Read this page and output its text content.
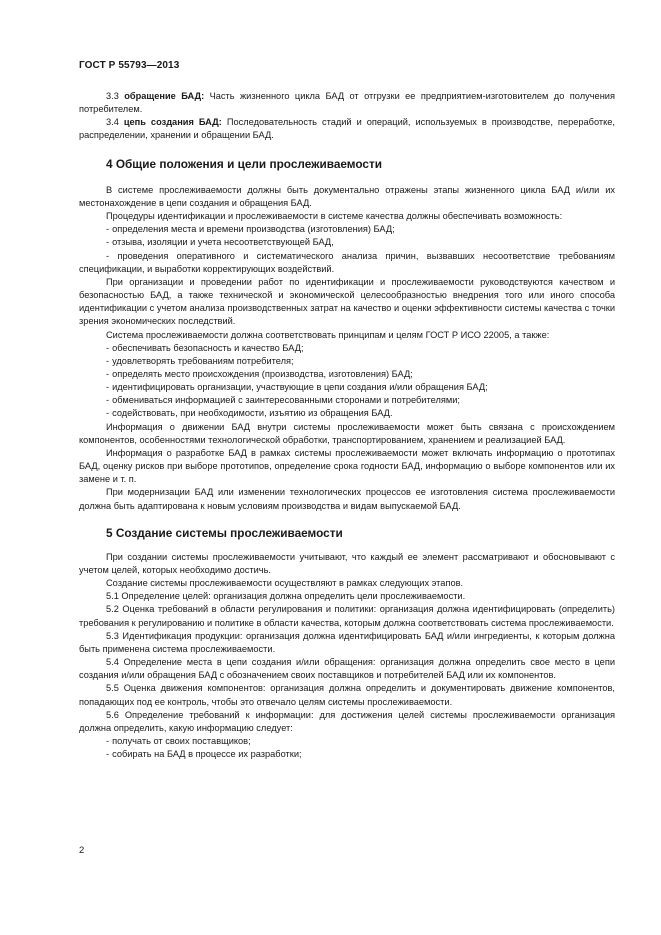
ГОСТ Р 55793—2013

3.3 обращение БАД: Часть жизненного цикла БАД от отгрузки ее предприятием-изготовителем до получения потребителем.

3.4 цепь создания БАД: Последовательность стадий и операций, используемых в производстве, переработке, распределении, хранении и обращении БАД.

4 Общие положения и цели прослеживаемости

В системе прослеживаемости должны быть документально отражены этапы жизненного цикла БАД и/или их местонахождение в цепи создания и обращения БАД.

Процедуры идентификации и прослеживаемости в системе качества должны обеспечивать возможность:

- определения места и времени производства (изготовления) БАД;

- отзыва, изоляции и учета несоответствующей БАД,

- проведения оперативного и систематического анализа причин, вызвавших несоответствие требованиям спецификации, и выработки корректирующих воздействий.

При организации и проведении работ по идентификации и прослеживаемости руководствуются качеством и безопасностью БАД, а также технической и экономической целесообразностью внедрения того или иного способа идентификации с учетом анализа производственных затрат на качество и оценки эффективности системы качества с точки зрения экономических последствий.

Система прослеживаемости должна соответствовать принципам и целям ГОСТ Р ИСО 22005, а также:

- обеспечивать безопасность и качество БАД;

- удовлетворять требованиям потребителя;

- определять место происхождения (производства, изготовления) БАД;

- идентифицировать организации, участвующие в цепи создания и/или обращения БАД;

- обмениваться информацией с заинтересованными сторонами и потребителями;

- содействовать, при необходимости, изъятию из обращения БАД.

Информация о движении БАД внутри системы прослеживаемости может быть связана с происхождением компонентов, особенностями технологической обработки, транспортированием, хранением и реализацией БАД.

Информация о разработке БАД в рамках системы прослеживаемости может включать информацию о прототипах БАД, оценку рисков при выборе прототипов, определение срока годности БАД, информацию о выборе компонентов или их замене и т. п.

При модернизации БАД или изменении технологических процессов ее изготовления система прослеживаемости должна быть адаптирована к новым условиям производства и видам выпускаемой БАД.

5 Создание системы прослеживаемости

При создании системы прослеживаемости учитывают, что каждый ее элемент рассматривают и обосновывают с учетом целей, которых необходимо достичь.

Создание системы прослеживаемости осуществляют в рамках следующих этапов.

5.1 Определение целей: организация должна определить цели прослеживаемости.

5.2 Оценка требований в области регулирования и политики: организация должна идентифицировать (определить) требования к регулированию и политике в области качества, которым должна соответствовать система прослеживаемости.

5.3 Идентификация продукции: организация должна идентифицировать БАД и/или ингредиенты, к которым должна быть применена система прослеживаемости.

5.4 Определение места в цепи создания и/или обращения: организация должна определить свое место в цепи создания и/или обращения БАД с обозначением своих поставщиков и потребителей БАД или их компонентов.

5.5 Оценка движения компонентов: организация должна определить и документировать движение компонентов, попадающих под ее контроль, чтобы это отвечало целям системы прослеживаемости.

5.6 Определение требований к информации: для достижения целей системы прослеживаемости организация должна определить, какую информацию следует:

- получать от своих поставщиков;

- собирать на БАД в процессе их разработки;

2
